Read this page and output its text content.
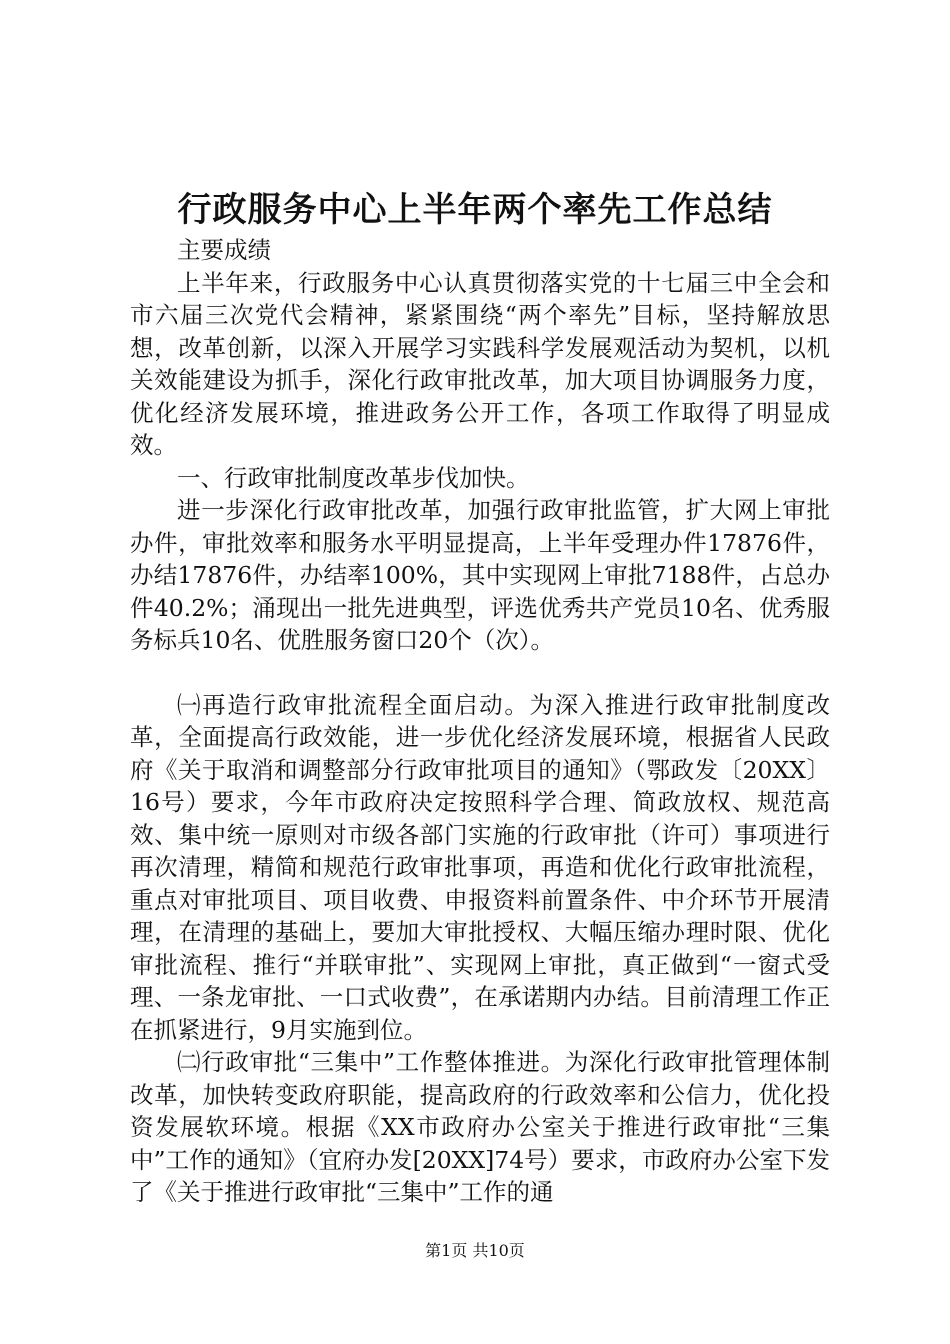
行政服务中心上半年两个率先工作总结

主要成绩

上半年来，行政服务中心认真贯彻落实党的十七届三中全会和市六届三次党代会精神，紧紧围绕“两个率先”目标，坚持解放思想，改革创新，以深入开展学习实践科学发展观活动为契机，以机关效能建设为抓手，深化行政审批改革，加大项目协调服务力度，优化经济发展环境，推进政务公开工作，各项工作取得了明显成效。

一、行政审批制度改革步伐加快。

进一步深化行政审批改革，加强行政审批监管，扩大网上审批办件，审批效率和服务水平明显提高，上半年受理办件17876件，办结17876件，办结率100%，其中实现网上审批7188件，占总办件40.2%；涌现出一批先进典型，评选优秀共产党员10名、优秀服务标兵10名、优胜服务窗口20个（次）。

㈠再造行政审批流程全面启动。为深入推进行政审批制度改革，全面提高行政效能，进一步优化经济发展环境，根据省人民政府《关于取消和调整部分行政审批项目的通知》（鄂政发〔20XX〕16号）要求，今年市政府决定按照科学合理、简政放权、规范高效、集中统一原则对市级各部门实施的行政审批（许可）事项进行再次清理，精简和规范行政审批事项，再造和优化行政审批流程，重点对审批项目、项目收费、申报资料前置条件、中介环节开展清理，在清理的基础上，要加大审批授权、大幅压缩办理时限、优化审批流程、推行“并联审批”、实现网上审批，真正做到“一窗式受理、一条龙审批、一口式收费”，在承诺期内办结。目前清理工作正在抓紧进行，9月实施到位。

㈡行政审批“三集中”工作整体推进。为深化行政审批管理体制改革，加快转变政府职能，提高政府的行政效率和公信力，优化投资发展软环境。根据《XX市政府办公室关于推进行政审批“三集中”工作的通知》（宜府办发[20XX]74号）要求，市政府办公室下发了《关于推进行政审批“三集中”工作的通

第1页 共10页
